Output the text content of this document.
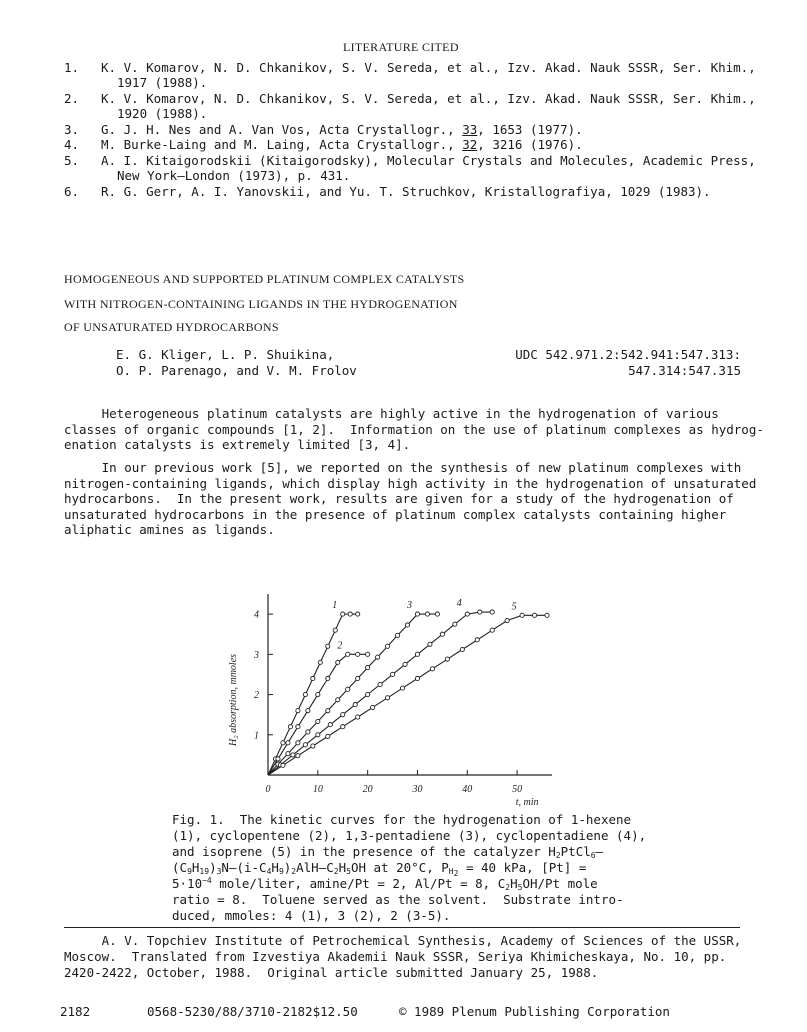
LITERATURE CITED
1. K. V. Komarov, N. D. Chkanikov, S. V. Sereda, et al., Izv. Akad. Nauk SSSR, Ser. Khim.,
1917 (1988).
2. K. V. Komarov, N. D. Chkanikov, S. V. Sereda, et al., Izv. Akad. Nauk SSSR, Ser. Khim.,
1920 (1988).
3. G. J. H. Nes and A. Van Vos, Acta Crystallogr., 33, 1653 (1977).
4. M. Burke-Laing and M. Laing, Acta Crystallogr., 32, 3216 (1976).
5. A. I. Kitaigorodskii (Kitaigorodsky), Molecular Crystals and Molecules, Academic Press,
New York–London (1973), p. 431.
6. R. G. Gerr, A. I. Yanovskii, and Yu. T. Struchkov, Kristallografiya, 1029 (1983).
HOMOGENEOUS AND SUPPORTED PLATINUM COMPLEX CATALYSTS
WITH NITROGEN-CONTAINING LIGANDS IN THE HYDROGENATION
OF UNSATURATED HYDROCARBONS
E. G. Kliger, L. P. Shuikina,
O. P. Parenago, and V. M. Frolov
UDC 542.971.2:542.941:547.313:
547.314:547.315
Heterogeneous platinum catalysts are highly active in the hydrogenation of various
classes of organic compounds [1, 2].  Information on the use of platinum complexes as hydrog-
enation catalysts is extremely limited [3, 4].
In our previous work [5], we reported on the synthesis of new platinum complexes with
nitrogen-containing ligands, which display high activity in the hydrogenation of unsaturated
hydrocarbons.  In the present work, results are given for a study of the hydrogenation of
unsaturated hydrocarbons in the presence of platinum complex catalysts containing higher
aliphatic amines as ligands.
0	10	20	30	40	50
1
2
3
4
t, min
H₂ absorption, mmoles
1
2
3	4	5
Fig. 1.  The kinetic curves for the hydrogenation of 1-hexene
(1), cyclopentene (2), 1,3-pentadiene (3), cyclopentadiene (4),
and isoprene (5) in the presence of the catalyzer $H_2PtCl_6-$
$(C_9H_{19})_3N-(i-C_4H_9)_2AlH-C_2H_5OH$ at 20°C, $P_{H_2} = 40$ kPa, [Pt] =
$5\cdot 10^{-4}$ mole/liter, amine/Pt = 2, Al/Pt = 8, $C_2H_5OH/Pt$ mole
ratio = 8.  Toluene served as the solvent.  Substrate intro-
duced, mmoles: 4 (1), 3 (2), 2 (3-5).
A. V. Topchiev Institute of Petrochemical Synthesis, Academy of Sciences of the USSR,
Moscow.  Translated from Izvestiya Akademii Nauk SSSR, Seriya Khimicheskaya, No. 10, pp.
2420-2422, October, 1988.  Original article submitted January 25, 1988.
2182	0568-5230/88/3710-2182$12.50	© 1989 Plenum Publishing Corporation
